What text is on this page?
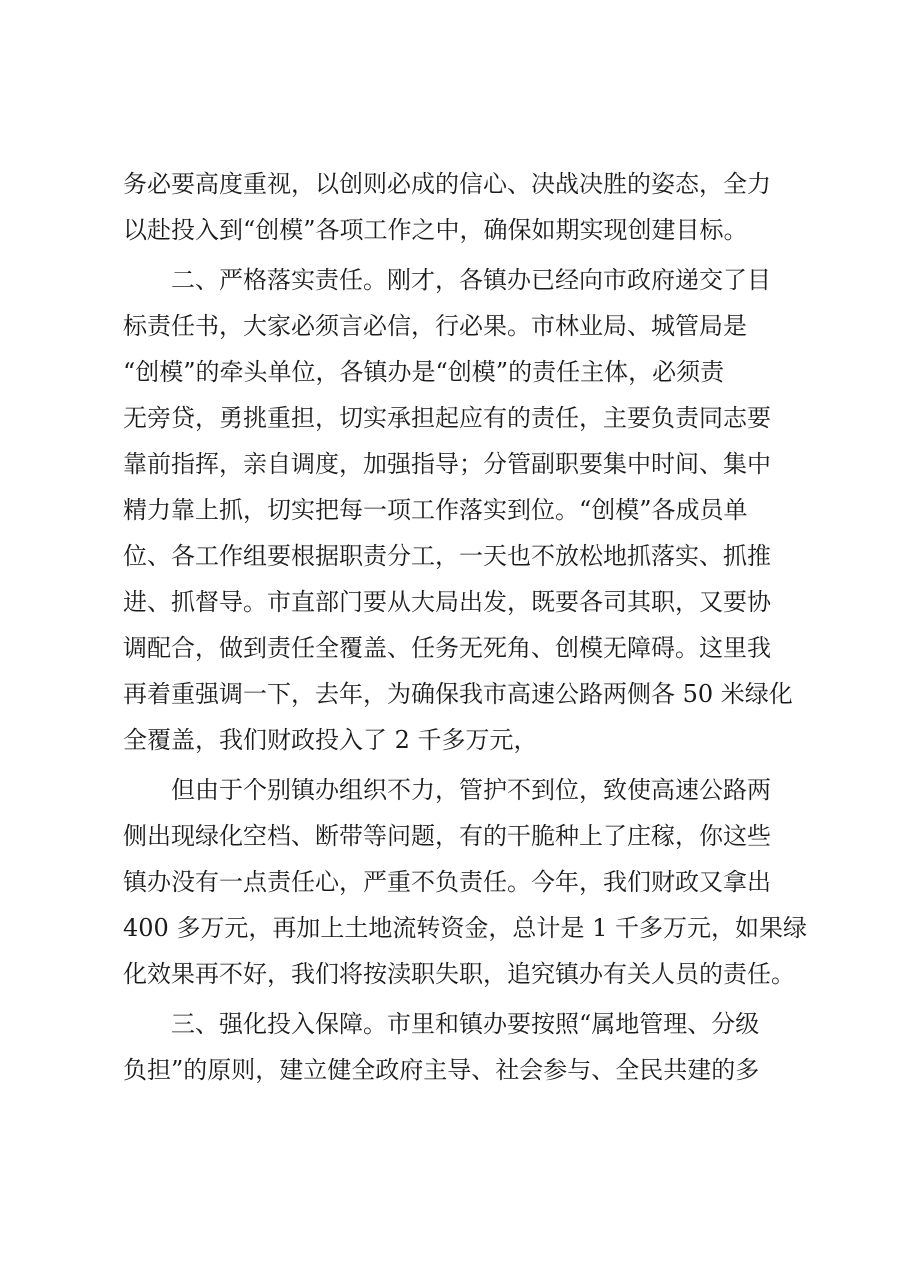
务必要高度重视，以创则必成的信心、决战决胜的姿态，全力
以赴投入到“创模”各项工作之中，确保如期实现创建目标。
二、严格落实责任。刚才，各镇办已经向市政府递交了目
标责任书，大家必须言必信，行必果。市林业局、城管局是
“创模”的牵头单位，各镇办是“创模”的责任主体，必须责
无旁贷，勇挑重担，切实承担起应有的责任，主要负责同志要
靠前指挥，亲自调度，加强指导；分管副职要集中时间、集中
精力靠上抓，切实把每一项工作落实到位。“创模”各成员单
位、各工作组要根据职责分工，一天也不放松地抓落实、抓推
进、抓督导。市直部门要从大局出发，既要各司其职，又要协
调配合，做到责任全覆盖、任务无死角、创模无障碍。这里我
再着重强调一下，去年，为确保我市高速公路两侧各 50 米绿化
全覆盖，我们财政投入了 2 千多万元，
但由于个别镇办组织不力，管护不到位，致使高速公路两
侧出现绿化空档、断带等问题，有的干脆种上了庄稼，你这些
镇办没有一点责任心，严重不负责任。今年，我们财政又拿出
400 多万元，再加上土地流转资金，总计是 1 千多万元，如果绿
化效果再不好，我们将按渎职失职，追究镇办有关人员的责任。
三、强化投入保障。市里和镇办要按照“属地管理、分级
负担”的原则，建立健全政府主导、社会参与、全民共建的多
